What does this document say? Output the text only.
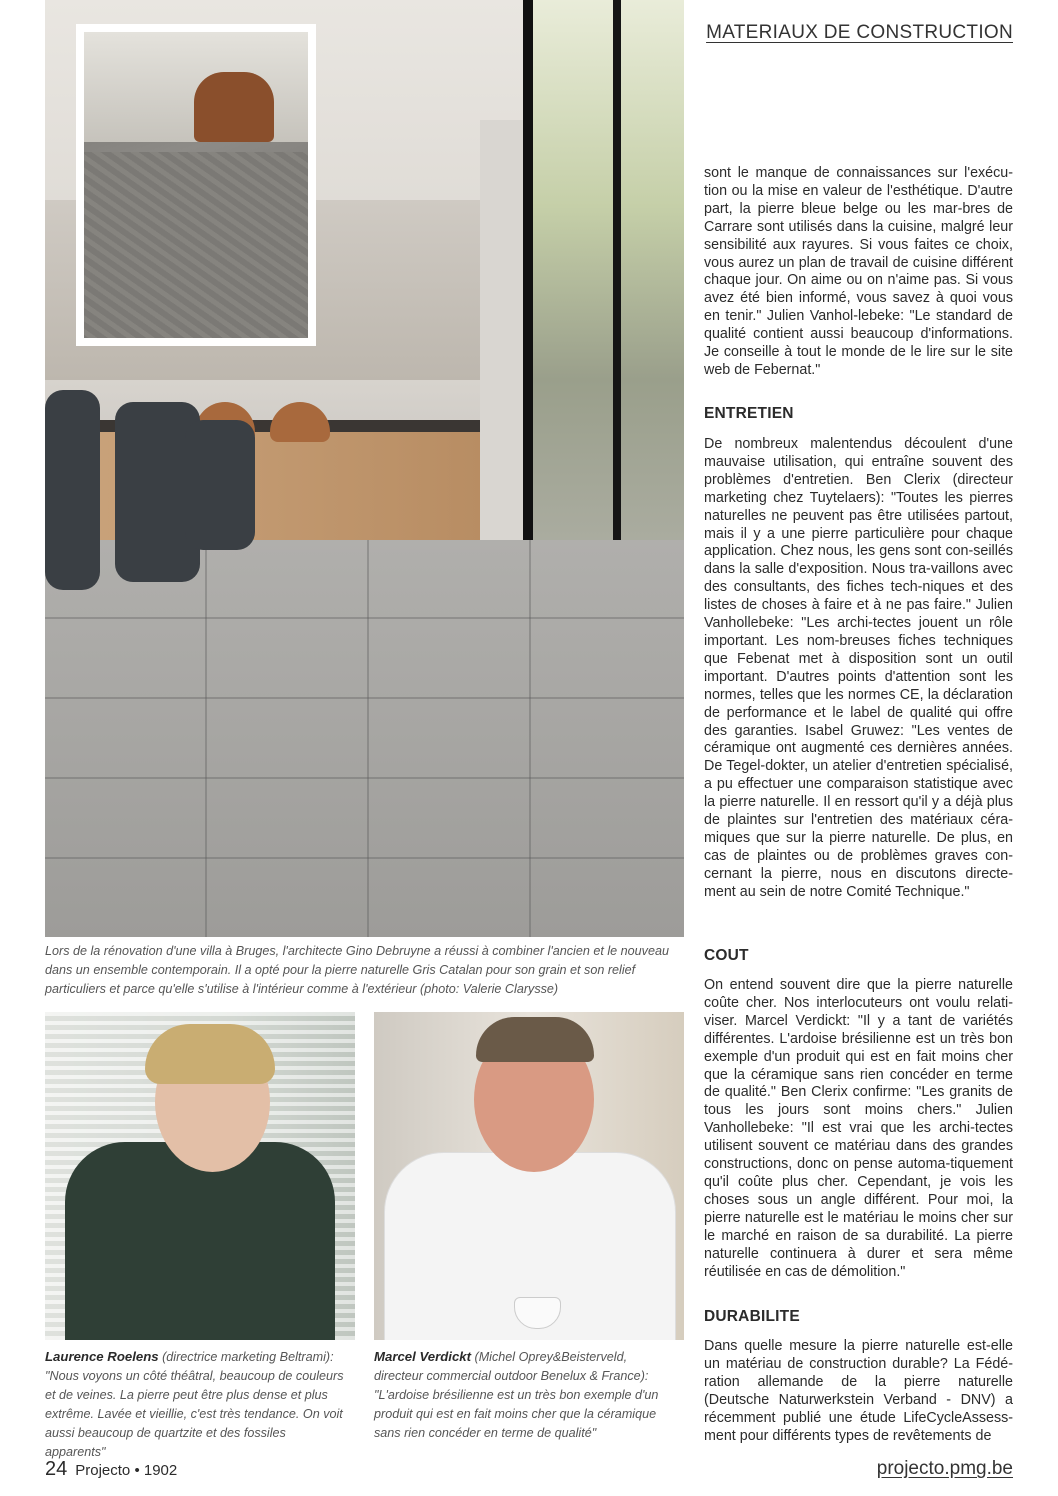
MATERIAUX DE CONSTRUCTION
Lors de la rénovation d'une villa à Bruges, l'architecte Gino Debruyne a réussi à combiner l'ancien et le nouveau dans un ensemble contemporain. Il a opté pour la pierre naturelle Gris Catalan pour son grain et son relief particuliers et parce qu'elle s'utilise à l'intérieur comme à l'extérieur (photo: Valerie Clarysse)
Laurence Roelens (directrice marketing Beltrami):
"Nous voyons un côté théâtral, beaucoup de couleurs et de veines. La pierre peut être plus dense et plus extrême. Lavée et vieillie, c'est très tendance. On voit aussi beaucoup de quartzite et des fossiles apparents"
Marcel Verdickt (Michel Oprey&Beisterveld, directeur commercial outdoor Benelux & France):
"L'ardoise brésilienne est un très bon exemple d'un produit qui est en fait moins cher que la céramique sans rien concéder en terme de qualité"

sont le manque de connaissances sur l'exécu-tion ou la mise en valeur de l'esthétique. D'autre part, la pierre bleue belge ou les mar-bres de Carrare sont utilisés dans la cuisine, malgré leur sensibilité aux rayures. Si vous faites ce choix, vous aurez un plan de travail de cuisine différent chaque jour. On aime ou on n'aime pas. Si vous avez été bien informé, vous savez à quoi vous en tenir." Julien Vanhol-lebeke: "Le standard de qualité contient aussi beaucoup d'informations. Je conseille à tout le monde de le lire sur le site web de Febernat."

ENTRETIEN

De nombreux malentendus découlent d'une mauvaise utilisation, qui entraîne souvent des problèmes d'entretien. Ben Clerix (directeur marketing chez Tuytelaers): "Toutes les pierres naturelles ne peuvent pas être utilisées partout, mais il y a une pierre particulière pour chaque application. Chez nous, les gens sont con-seillés dans la salle d'exposition. Nous tra-vaillons avec des consultants, des fiches tech-niques et des listes de choses à faire et à ne pas faire." Julien Vanhollebeke: "Les archi-tectes jouent un rôle important. Les nom-breuses fiches techniques que Febenat met à disposition sont un outil important. D'autres points d'attention sont les normes, telles que les normes CE, la déclaration de performance et le label de qualité qui offre des garanties. Isabel Gruwez: "Les ventes de céramique ont augmenté ces dernières années. De Tegel-dokter, un atelier d'entretien spécialisé, a pu effectuer une comparaison statistique avec la pierre naturelle. Il en ressort qu'il y a déjà plus de plaintes sur l'entretien des matériaux céra-miques que sur la pierre naturelle. De plus, en cas de plaintes ou de problèmes graves con-cernant la pierre, nous en discutons directe-ment au sein de notre Comité Technique."

COUT

On entend souvent dire que la pierre naturelle coûte cher. Nos interlocuteurs ont voulu relati-viser. Marcel Verdickt: "Il y a tant de variétés différentes. L'ardoise brésilienne est un très bon exemple d'un produit qui est en fait moins cher que la céramique sans rien concéder en terme de qualité." Ben Clerix confirme: "Les granits de tous les jours sont moins chers." Julien Vanhollebeke: "Il est vrai que les archi-tectes utilisent souvent ce matériau dans des grandes constructions, donc on pense automa-tiquement qu'il coûte plus cher. Cependant, je vois les choses sous un angle différent. Pour moi, la pierre naturelle est le matériau le moins cher sur le marché en raison de sa durabilité. La pierre naturelle continuera à durer et sera même réutilisée en cas de démolition."

DURABILITE

Dans quelle mesure la pierre naturelle est-elle un matériau de construction durable? La Fédé-ration allemande de la pierre naturelle (Deutsche Naturwerkstein Verband - DNV) a récemment publié une étude LifeCycleAssess-ment pour différents types de revêtements de

24 Projecto • 1902	projecto.pmg.be
